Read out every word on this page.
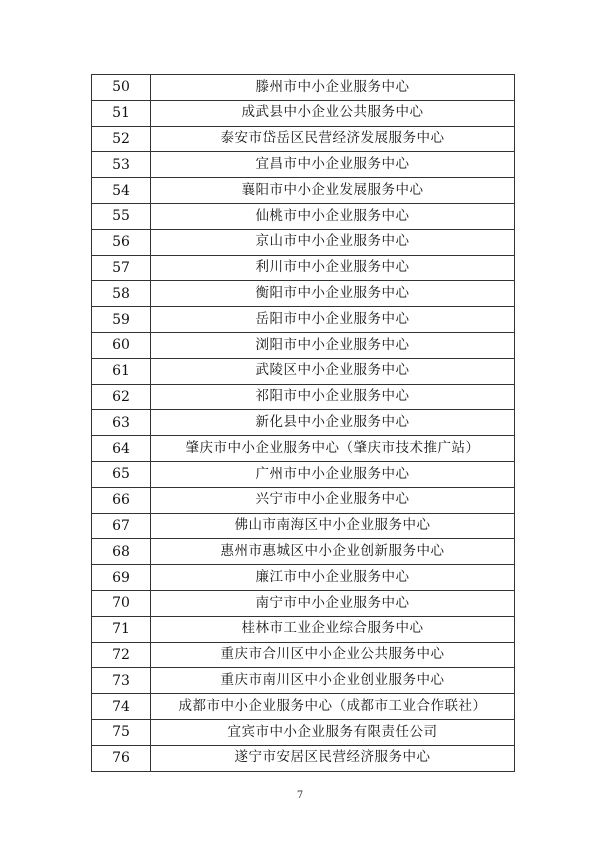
50	滕州市中小企业服务中心
51	成武县中小企业公共服务中心
52	泰安市岱岳区民营经济发展服务中心
53	宜昌市中小企业服务中心
54	襄阳市中小企业发展服务中心
55	仙桃市中小企业服务中心
56	京山市中小企业服务中心
57	利川市中小企业服务中心
58	衡阳市中小企业服务中心
59	岳阳市中小企业服务中心
60	浏阳市中小企业服务中心
61	武陵区中小企业服务中心
62	祁阳市中小企业服务中心
63	新化县中小企业服务中心
64	肇庆市中小企业服务中心（肇庆市技术推广站）
65	广州市中小企业服务中心
66	兴宁市中小企业服务中心
67	佛山市南海区中小企业服务中心
68	惠州市惠城区中小企业创新服务中心
69	廉江市中小企业服务中心
70	南宁市中小企业服务中心
71	桂林市工业企业综合服务中心
72	重庆市合川区中小企业公共服务中心
73	重庆市南川区中小企业创业服务中心
74	成都市中小企业服务中心（成都市工业合作联社）
75	宜宾市中小企业服务有限责任公司
76	遂宁市安居区民营经济服务中心
7
